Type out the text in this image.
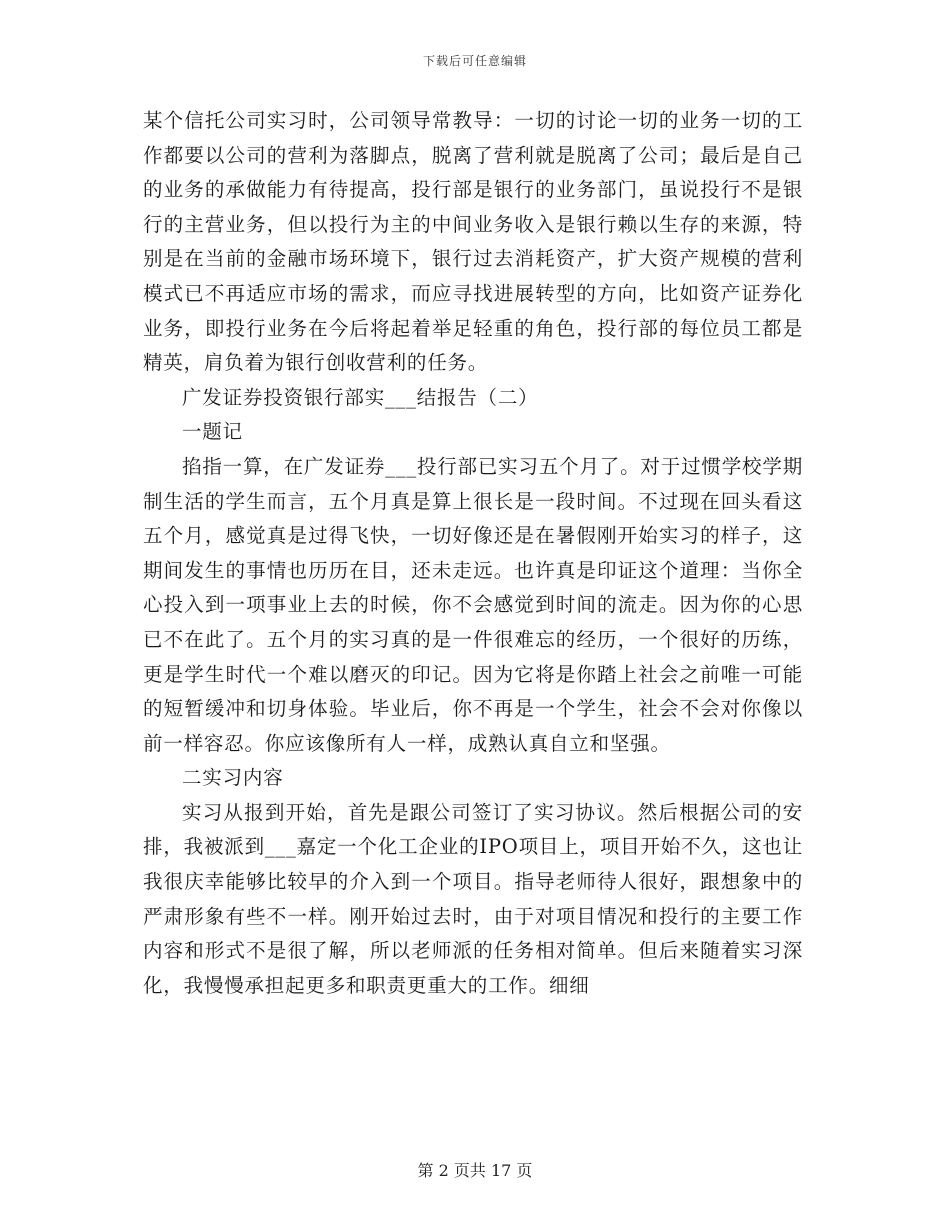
下载后可任意编辑

某个信托公司实习时，公司领导常教导：一切的讨论一切的业务一切的工作都要以公司的营利为落脚点，脱离了营利就是脱离了公司；最后是自己的业务的承做能力有待提高，投行部是银行的业务部门，虽说投行不是银行的主营业务，但以投行为主的中间业务收入是银行赖以生存的来源，特别是在当前的金融市场环境下，银行过去消耗资产，扩大资产规模的营利模式已不再适应市场的需求，而应寻找进展转型的方向，比如资产证券化业务，即投行业务在今后将起着举足轻重的角色，投行部的每位员工都是精英，肩负着为银行创收营利的任务。

广发证券投资银行部实___结报告（二）

一题记

掐指一算，在广发证券___投行部已实习五个月了。对于过惯学校学期制生活的学生而言，五个月真是算上很长是一段时间。不过现在回头看这五个月，感觉真是过得飞快，一切好像还是在暑假刚开始实习的样子，这期间发生的事情也历历在目，还未走远。也许真是印证这个道理：当你全心投入到一项事业上去的时候，你不会感觉到时间的流走。因为你的心思已不在此了。五个月的实习真的是一件很难忘的经历，一个很好的历练，更是学生时代一个难以磨灭的印记。因为它将是你踏上社会之前唯一可能的短暂缓冲和切身体验。毕业后，你不再是一个学生，社会不会对你像以前一样容忍。你应该像所有人一样，成熟认真自立和坚强。

二实习内容

实习从报到开始，首先是跟公司签订了实习协议。然后根据公司的安排，我被派到___嘉定一个化工企业的IPO项目上，项目开始不久，这也让我很庆幸能够比较早的介入到一个项目。指导老师待人很好，跟想象中的严肃形象有些不一样。刚开始过去时，由于对项目情况和投行的主要工作内容和形式不是很了解，所以老师派的任务相对简单。但后来随着实习深化，我慢慢承担起更多和职责更重大的工作。细细

第 2 页共 17 页
